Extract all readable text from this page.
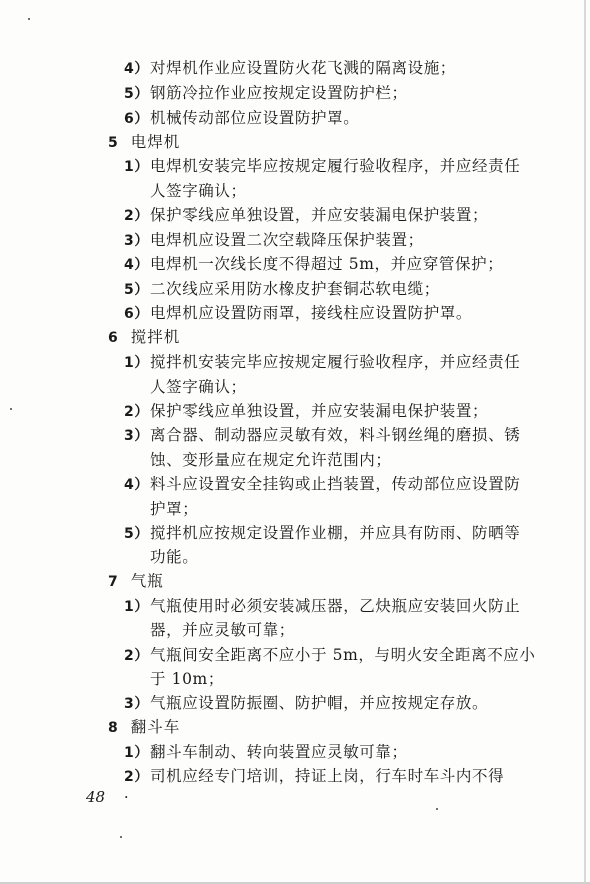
4）对焊机作业应设置防火花飞溅的隔离设施；
5）钢筋冷拉作业应按规定设置防护栏；
6）机械传动部位应设置防护罩。
5 电焊机
1）电焊机安装完毕应按规定履行验收程序，并应经责任
人签字确认；
2）保护零线应单独设置，并应安装漏电保护装置；
3）电焊机应设置二次空载降压保护装置；
4）电焊机一次线长度不得超过 5m，并应穿管保护；
5）二次线应采用防水橡皮护套铜芯软电缆；
6）电焊机应设置防雨罩，接线柱应设置防护罩。
6 搅拌机
1）搅拌机安装完毕应按规定履行验收程序，并应经责任
人签字确认；
2）保护零线应单独设置，并应安装漏电保护装置；
3）离合器、制动器应灵敏有效，料斗钢丝绳的磨损、锈
蚀、变形量应在规定允许范围内；
4）料斗应设置安全挂钩或止挡装置，传动部位应设置防
护罩；
5）搅拌机应按规定设置作业棚，并应具有防雨、防晒等
功能。
7 气瓶
1）气瓶使用时必须安装减压器，乙炔瓶应安装回火防止
器，并应灵敏可靠；
2）气瓶间安全距离不应小于 5m，与明火安全距离不应小
于 10m；
3）气瓶应设置防振圈、防护帽，并应按规定存放。
8 翻斗车
1）翻斗车制动、转向装置应灵敏可靠；
2）司机应经专门培训，持证上岗，行车时车斗内不得
48 ·
